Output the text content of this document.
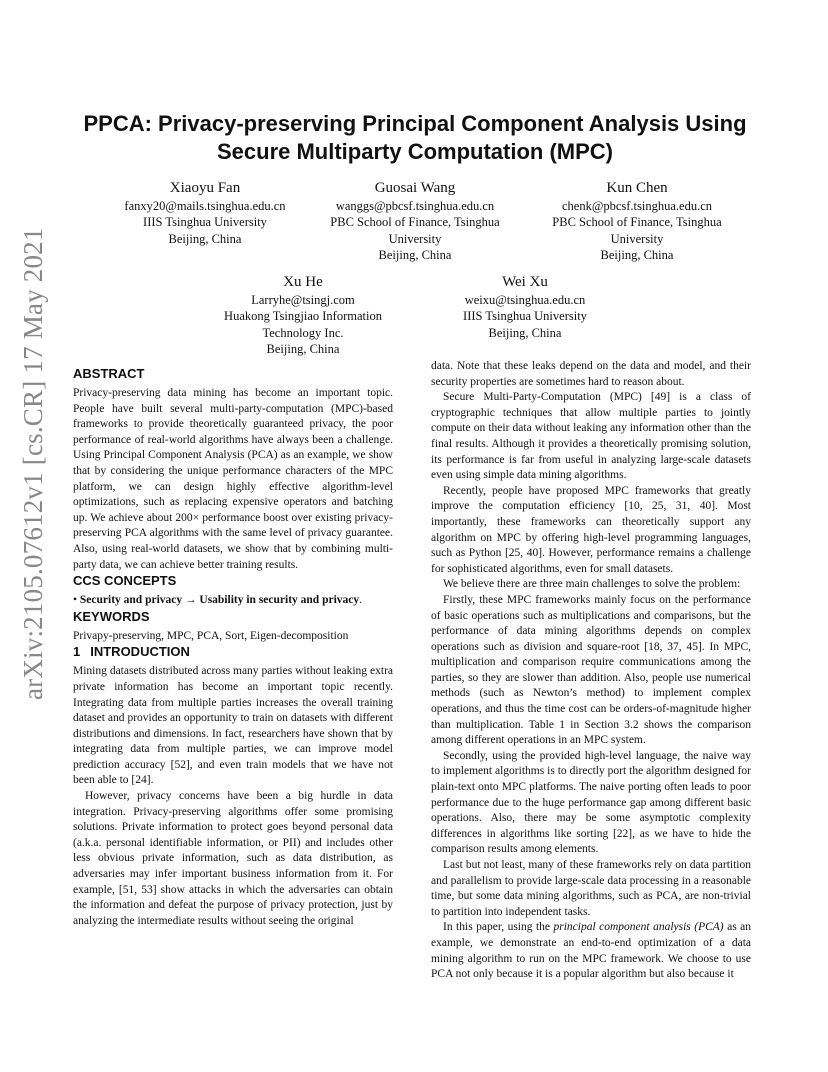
arXiv:2105.07612v1 [cs.CR] 17 May 2021
PPCA: Privacy-preserving Principal Component Analysis Using
Secure Multiparty Computation (MPC)
Xiaoyu Fan
fanxy20@mails.tsinghua.edu.cn
IIIS Tsinghua University
Beijing, China
Guosai Wang
wanggs@pbcsf.tsinghua.edu.cn
PBC School of Finance, Tsinghua
University
Beijing, China
Kun Chen
chenk@pbcsf.tsinghua.edu.cn
PBC School of Finance, Tsinghua
University
Beijing, China
Xu He
Larryhe@tsingj.com
Huakong Tsingjiao Information
Technology Inc.
Beijing, China
Wei Xu
weixu@tsinghua.edu.cn
IIIS Tsinghua University
Beijing, China
ABSTRACT

Privacy-preserving data mining has become an important topic. People have built several multi-party-computation (MPC)-based frameworks to provide theoretically guaranteed privacy, the poor performance of real-world algorithms have always been a challenge. Using Principal Component Analysis (PCA) as an example, we show that by considering the unique performance characters of the MPC platform, we can design highly effective algorithm-level optimizations, such as replacing expensive operators and batching up. We achieve about 200× performance boost over existing privacy-preserving PCA algorithms with the same level of privacy guarantee. Also, using real-world datasets, we show that by combining multi-party data, we can achieve better training results.

CCS CONCEPTS

• Security and privacy → Usability in security and privacy.

KEYWORDS

Privapy-preserving, MPC, PCA, Sort, Eigen-decomposition

1 INTRODUCTION

Mining datasets distributed across many parties without leaking extra private information has become an important topic recently. Integrating data from multiple parties increases the overall training dataset and provides an opportunity to train on datasets with different distributions and dimensions. In fact, researchers have shown that by integrating data from multiple parties, we can improve model prediction accuracy [52], and even train models that we have not been able to [24].

However, privacy concerns have been a big hurdle in data integration. Privacy-preserving algorithms offer some promising solutions. Private information to protect goes beyond personal data (a.k.a. personal identifiable information, or PII) and includes other less obvious private information, such as data distribution, as adversaries may infer important business information from it. For example, [51, 53] show attacks in which the adversaries can obtain the information and defeat the purpose of privacy protection, just by analyzing the intermediate results without seeing the original

data. Note that these leaks depend on the data and model, and their security properties are sometimes hard to reason about.

Secure Multi-Party-Computation (MPC) [49] is a class of cryptographic techniques that allow multiple parties to jointly compute on their data without leaking any information other than the final results. Although it provides a theoretically promising solution, its performance is far from useful in analyzing large-scale datasets even using simple data mining algorithms.

Recently, people have proposed MPC frameworks that greatly improve the computation efficiency [10, 25, 31, 40]. Most importantly, these frameworks can theoretically support any algorithm on MPC by offering high-level programming languages, such as Python [25, 40]. However, performance remains a challenge for sophisticated algorithms, even for small datasets.

We believe there are three main challenges to solve the problem:

Firstly, these MPC frameworks mainly focus on the performance of basic operations such as multiplications and comparisons, but the performance of data mining algorithms depends on complex operations such as division and square-root [18, 37, 45]. In MPC, multiplication and comparison require communications among the parties, so they are slower than addition. Also, people use numerical methods (such as Newton’s method) to implement complex operations, and thus the time cost can be orders-of-magnitude higher than multiplication. Table 1 in Section 3.2 shows the comparison among different operations in an MPC system.

Secondly, using the provided high-level language, the naive way to implement algorithms is to directly port the algorithm designed for plain-text onto MPC platforms. The naive porting often leads to poor performance due to the huge performance gap among different basic operations. Also, there may be some asymptotic complexity differences in algorithms like sorting [22], as we have to hide the comparison results among elements.

Last but not least, many of these frameworks rely on data partition and parallelism to provide large-scale data processing in a reasonable time, but some data mining algorithms, such as PCA, are non-trivial to partition into independent tasks.

In this paper, using the principal component analysis (PCA) as an example, we demonstrate an end-to-end optimization of a data mining algorithm to run on the MPC framework. We choose to use PCA not only because it is a popular algorithm but also because it
